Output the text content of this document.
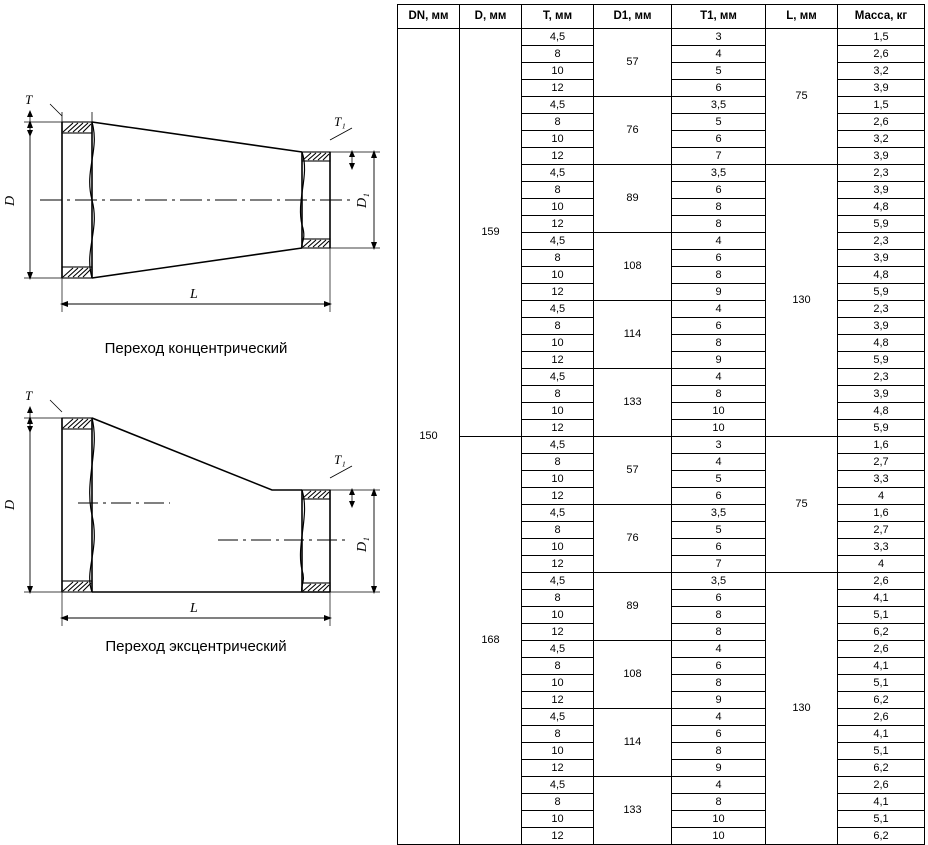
T
T₁
D	D₁
L
Переход концентрический
T
T₁
D
D₁
L
Переход эксцентрический
DN, мм	D, мм	T, мм	D1, мм	T1, мм	L, мм	Масса, кг
150	159	4,5	57	3	75	1,5
		8		4		2,6
		10		5		3,2
		12		6		3,9
		4,5	76	3,5		1,5
		8		5		2,6
		10		6		3,2
		12		7		3,9
		4,5	89	3,5	130	2,3
		8		6		3,9
		10		8		4,8
		12		8		5,9
		4,5	108	4		2,3
		8		6		3,9
		10		8		4,8
		12		9		5,9
		4,5	114	4		2,3
		8		6		3,9
		10		8		4,8
		12		9		5,9
		4,5	133	4		2,3
		8		8		3,9
		10		10		4,8
		12		10		5,9
	168	4,5	57	3	75	1,6
		8		4		2,7
		10		5		3,3
		12		6		4
		4,5	76	3,5		1,6
		8		5		2,7
		10		6		3,3
		12		7		4
		4,5	89	3,5	130	2,6
		8		6		4,1
		10		8		5,1
		12		8		6,2
		4,5	108	4		2,6
		8		6		4,1
		10		8		5,1
		12		9		6,2
		4,5	114	4		2,6
		8		6		4,1
		10		8		5,1
		12		9		6,2
		4,5	133	4		2,6
		8		8		4,1
		10		10		5,1
		12		10		6,2
